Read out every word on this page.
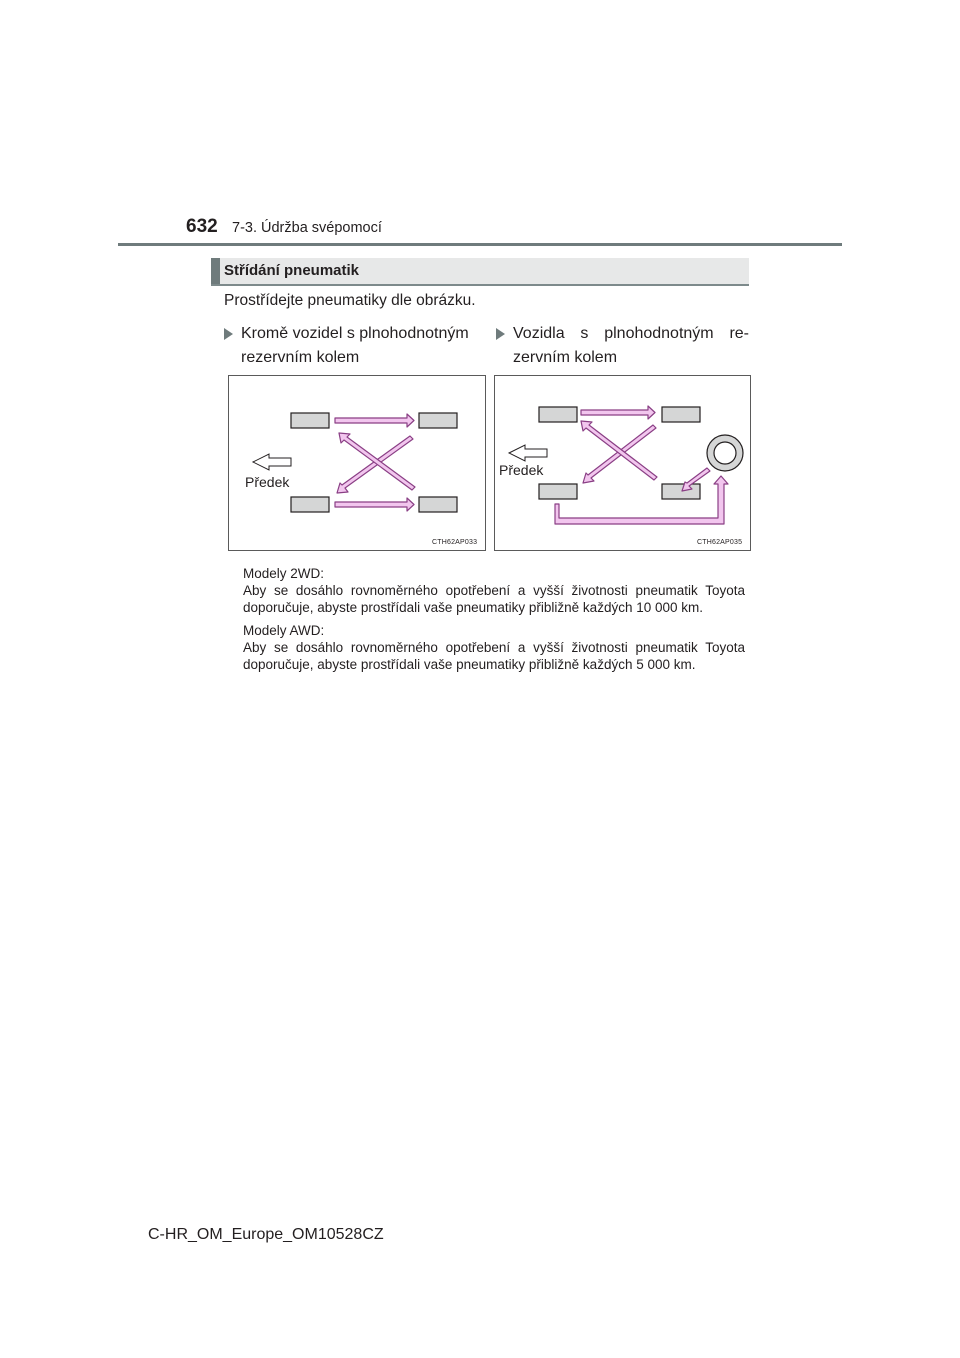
632 7-3. Údržba svépomocí
Střídání pneumatik
Prostřídejte pneumatiky dle obrázku.
Kromě vozidel s plnohodnotným rezervním kolem
Vozidla s plnohodnotným re-zervním kolem
Předek
CTH62AP033
Předek
CTH62AP035
Modely 2WD:
Aby se dosáhlo rovnoměrného opotřebení a vyšší životnosti pneumatik Toyota doporučuje, abyste prostřídali vaše pneumatiky přibližně každých 10 000 km.
Modely AWD:
Aby se dosáhlo rovnoměrného opotřebení a vyšší životnosti pneumatik Toyota doporučuje, abyste prostřídali vaše pneumatiky přibližně každých 5 000 km.
C-HR_OM_Europe_OM10528CZ
